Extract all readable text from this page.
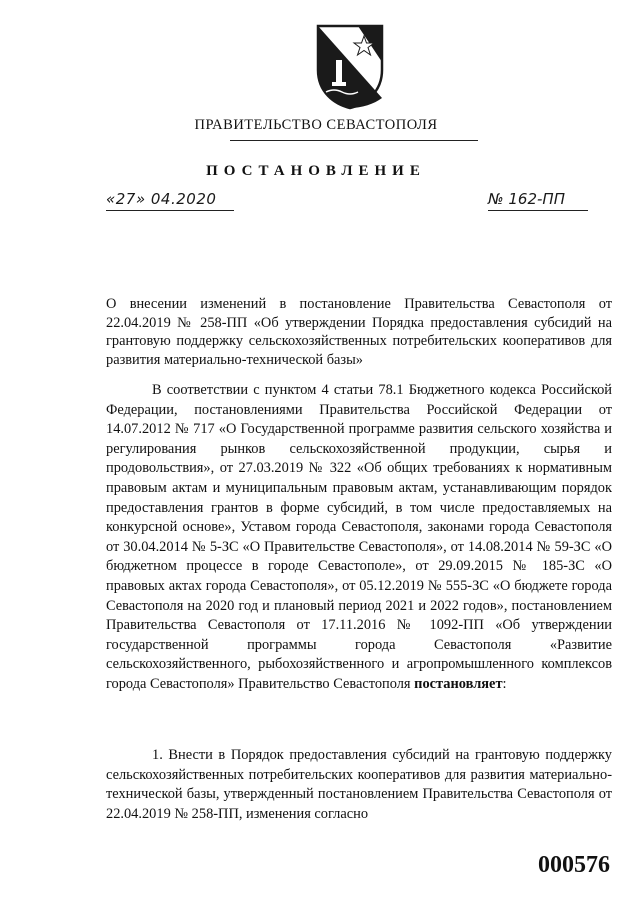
ПРАВИТЕЛЬСТВО СЕВАСТОПОЛЯ
ПОСТАНОВЛЕНИЕ
«27» 04.2020	№ 162-ПП
О внесении изменений в постановление Правительства Севастополя от 22.04.2019 № 258-ПП «Об утверждении Порядка предоставления субсидий на грантовую поддержку сельскохозяйственных потребительских кооперативов для развития материально-технической базы»
В соответствии с пунктом 4 статьи 78.1 Бюджетного кодекса Российской Федерации, постановлениями Правительства Российской Федерации от 14.07.2012 № 717 «О Государственной программе развития сельского хозяйства и регулирования рынков сельскохозяйственной продукции, сырья и продовольствия», от 27.03.2019 № 322 «Об общих требованиях к нормативным правовым актам и муниципальным правовым актам, устанавливающим порядок предоставления грантов в форме субсидий, в том числе предоставляемых на конкурсной основе», Уставом города Севастополя, законами города Севастополя от 30.04.2014 № 5-ЗС «О Правительстве Севастополя», от 14.08.2014 № 59-ЗС «О бюджетном процессе в городе Севастополе», от 29.09.2015 № 185-ЗС «О правовых актах города Севастополя», от 05.12.2019 № 555-ЗС «О бюджете города Севастополя на 2020 год и плановый период 2021 и 2022 годов», постановлением Правительства Севастополя от 17.11.2016 № 1092-ПП «Об утверждении государственной программы города Севастополя «Развитие сельскохозяйственного, рыбохозяйственного и агропромышленного комплексов города Севастополя» Правительство Севастополя постановляет:
1. Внести в Порядок предоставления субсидий на грантовую поддержку сельскохозяйственных потребительских кооперативов для развития материально-технической базы, утвержденный постановлением Правительства Севастополя от 22.04.2019 № 258-ПП, изменения согласно
000576
